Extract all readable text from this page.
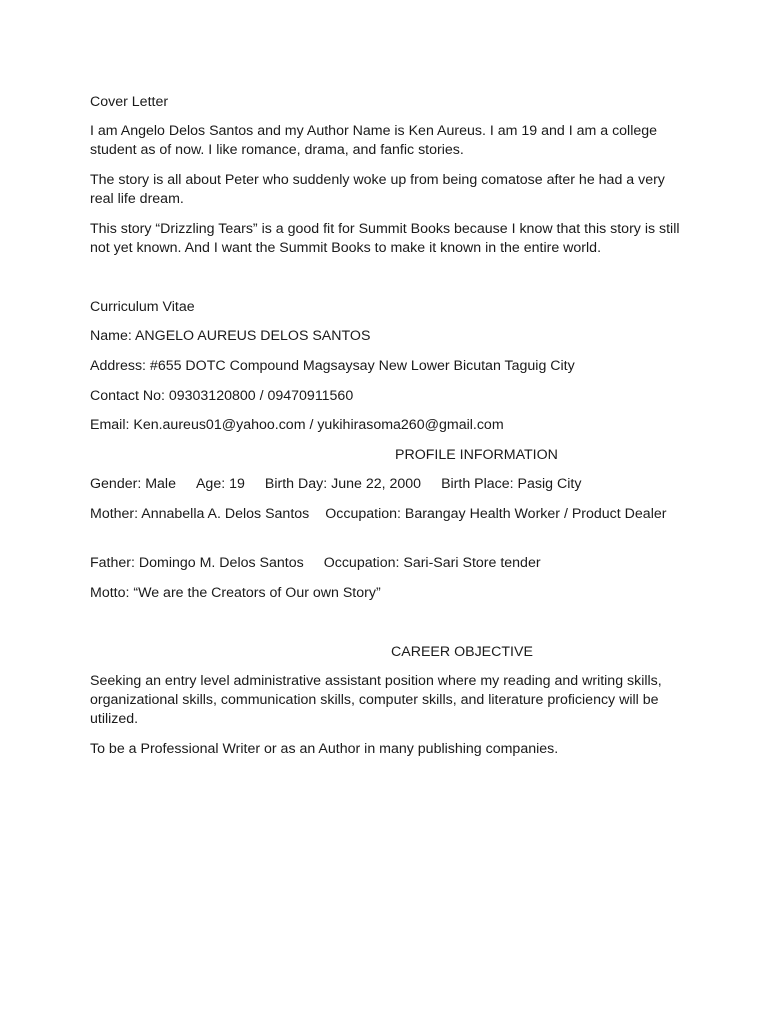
Cover Letter

I am Angelo Delos Santos and my Author Name is Ken Aureus. I am 19 and I am a college student as of now. I like romance, drama, and fanfic stories.

The story is all about Peter who suddenly woke up from being comatose after he had a very real life dream.

This story “Drizzling Tears” is a good fit for Summit Books because I know that this story is still not yet known. And I want the Summit Books to make it known in the entire world.

Curriculum Vitae

Name: ANGELO AUREUS DELOS SANTOS

Address: #655 DOTC Compound Magsaysay New Lower Bicutan Taguig City

Contact No: 09303120800 / 09470911560

Email: Ken.aureus01@yahoo.com / yukihirasoma260@gmail.com

PROFILE INFORMATION

Gender: Male Age: 19 Birth Day: June 22, 2000 Birth Place: Pasig City

Mother: Annabella A. Delos Santos Occupation: Barangay Health Worker / Product Dealer

Father: Domingo M. Delos Santos Occupation: Sari-Sari Store tender

Motto: “We are the Creators of Our own Story”

CAREER OBJECTIVE

Seeking an entry level administrative assistant position where my reading and writing skills, organizational skills, communication skills, computer skills, and literature proficiency will be utilized.

To be a Professional Writer or as an Author in many publishing companies.
